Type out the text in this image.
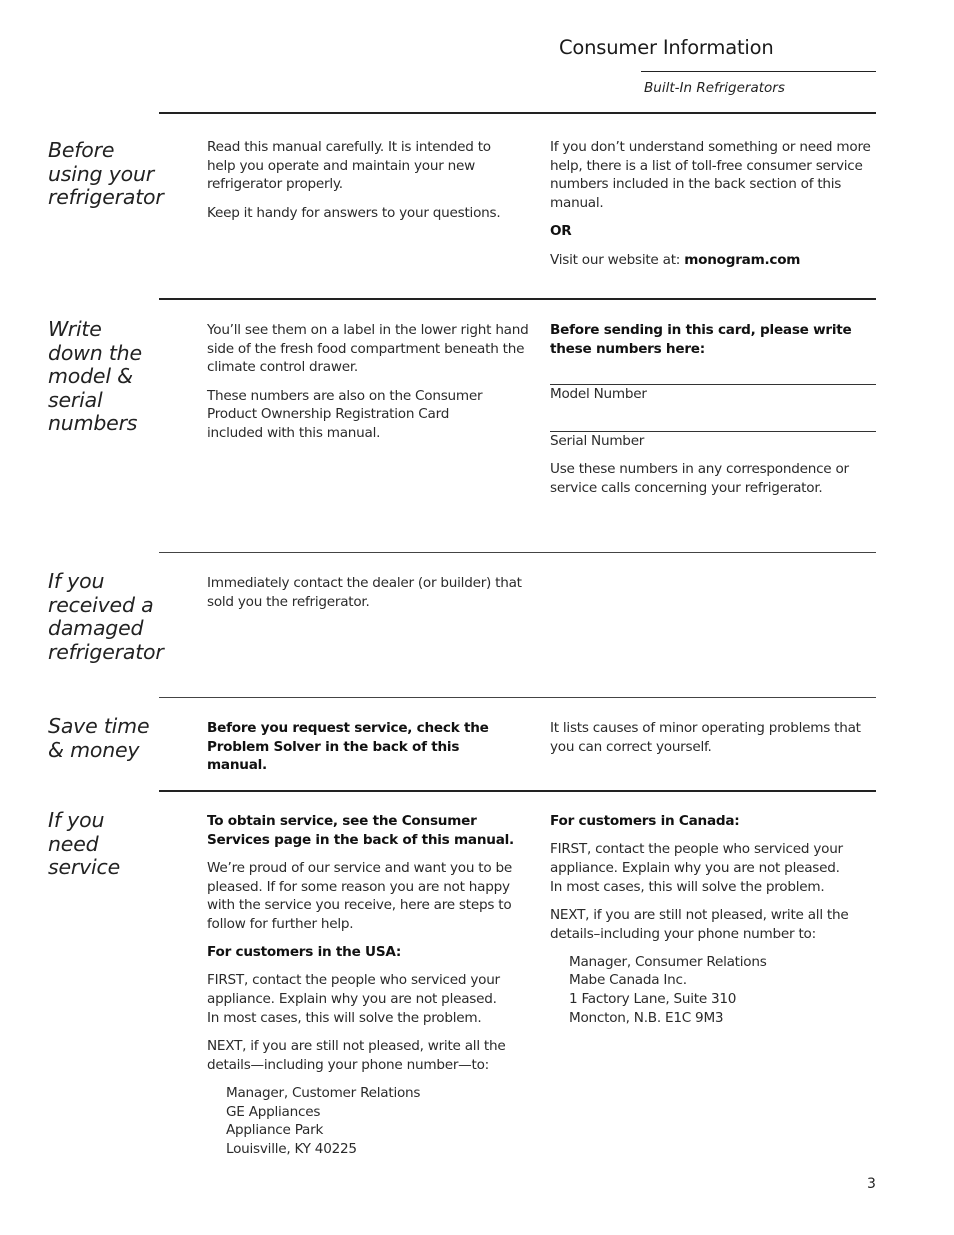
Consumer Information
Built-In Refrigerators
Before using your refrigerator

Read this manual carefully. It is intended to help you operate and maintain your new refrigerator properly.

Keep it handy for answers to your questions.

If you don’t understand something or need more help, there is a list of toll-free consumer service numbers included in the back section of this manual.

OR

Visit our website at: monogram.com

Write down the model & serial numbers

You’ll see them on a label in the lower right hand side of the fresh food compartment beneath the climate control drawer.

These numbers are also on the Consumer Product Ownership Registration Card included with this manual.

Before sending in this card, please write these numbers here:

Model Number

Serial Number

Use these numbers in any correspondence or service calls concerning your refrigerator.

If you received a damaged refrigerator

Immediately contact the dealer (or builder) that sold you the refrigerator.

Save time & money

Before you request service, check the Problem Solver in the back of this manual.

It lists causes of minor operating problems that you can correct yourself.

If you need service

To obtain service, see the Consumer Services page in the back of this manual.

We’re proud of our service and want you to be pleased. If for some reason you are not happy with the service you receive, here are steps to follow for further help.

For customers in the USA:

FIRST, contact the people who serviced your appliance. Explain why you are not pleased. In most cases, this will solve the problem.

NEXT, if you are still not pleased, write all the details—including your phone number—to:

Manager, Customer Relations
GE Appliances
Appliance Park
Louisville, KY 40225

For customers in Canada:

FIRST, contact the people who serviced your appliance. Explain why you are not pleased. In most cases, this will solve the problem.

NEXT, if you are still not pleased, write all the details–including your phone number to:

Manager, Consumer Relations
Mabe Canada Inc.
1 Factory Lane, Suite 310
Moncton, N.B. E1C 9M3
3
